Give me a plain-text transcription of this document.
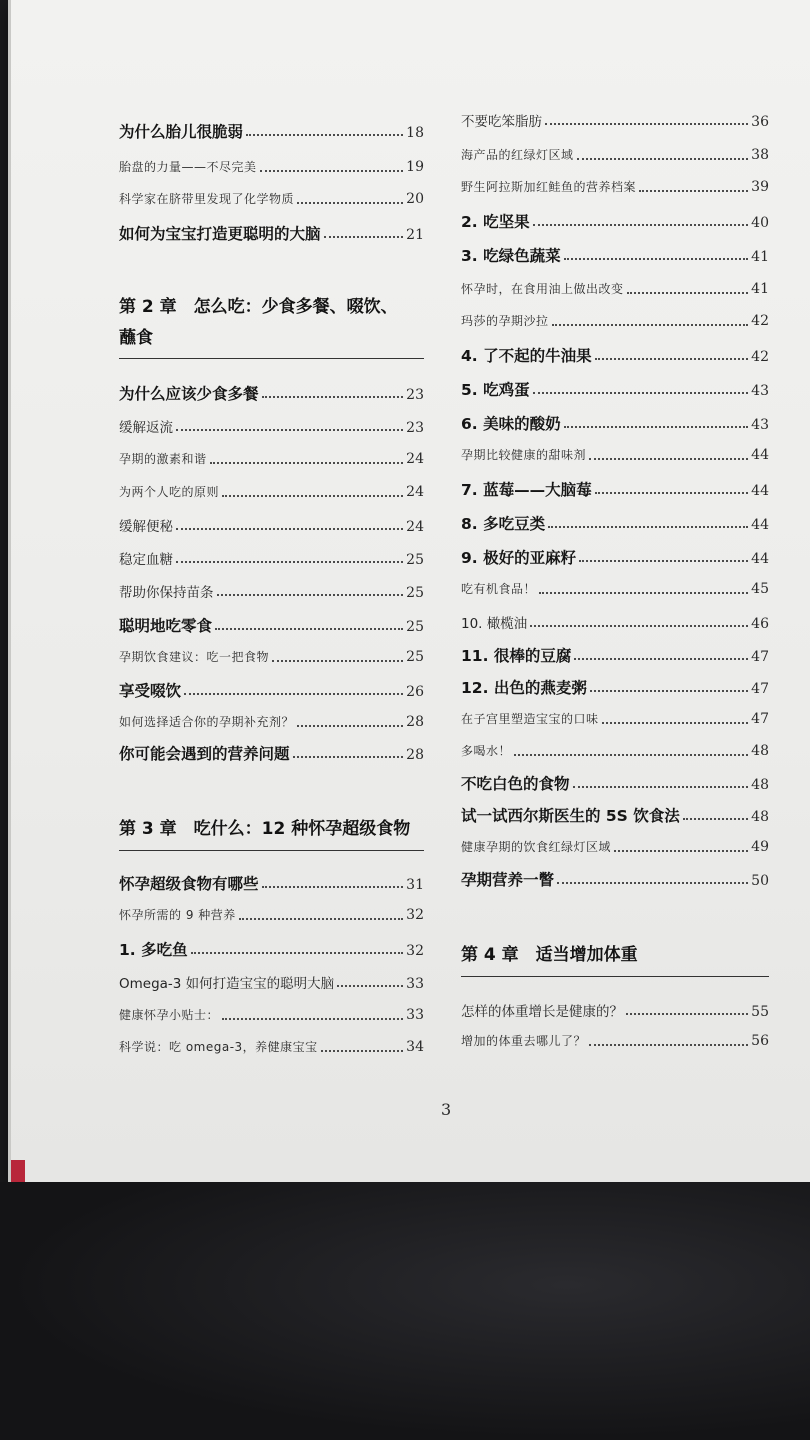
为什么胎儿很脆弱	18
胎盘的力量——不尽完美	19
科学家在脐带里发现了化学物质	20
如何为宝宝打造更聪明的大脑	21
第 2 章　怎么吃：少食多餐、啜饮、
蘸食
为什么应该少食多餐	23
缓解返流	23
孕期的激素和谐	24
为两个人吃的原则	24
缓解便秘	24
稳定血糖	25
帮助你保持苗条	25
聪明地吃零食	25
孕期饮食建议：吃一把食物	25
享受啜饮	26
如何选择适合你的孕期补充剂？	28
你可能会遇到的营养问题	28
第 3 章　吃什么：12 种怀孕超级食物
怀孕超级食物有哪些	31
怀孕所需的 9 种营养	32
1. 多吃鱼	32
Omega-3 如何打造宝宝的聪明大脑	33
健康怀孕小贴士：	33
科学说：吃 omega-3，养健康宝宝	34
不要吃笨脂肪	36
海产品的红绿灯区域	38
野生阿拉斯加红鲑鱼的营养档案	39
2. 吃坚果	40
3. 吃绿色蔬菜	41
怀孕时，在食用油上做出改变	41
玛莎的孕期沙拉	42
4. 了不起的牛油果	42
5. 吃鸡蛋	43
6. 美味的酸奶	43
孕期比较健康的甜味剂	44
7. 蓝莓——大脑莓	44
8. 多吃豆类	44
9. 极好的亚麻籽	44
吃有机食品！	45
10. 橄榄油	46
11. 很棒的豆腐	47
12. 出色的燕麦粥	47
在子宫里塑造宝宝的口味	47
多喝水！	48
不吃白色的食物	48
试一试西尔斯医生的 5S 饮食法	48
健康孕期的饮食红绿灯区域	49
孕期营养一瞥	50
第 4 章　适当增加体重
怎样的体重增长是健康的？	55
增加的体重去哪儿了？	56
3
